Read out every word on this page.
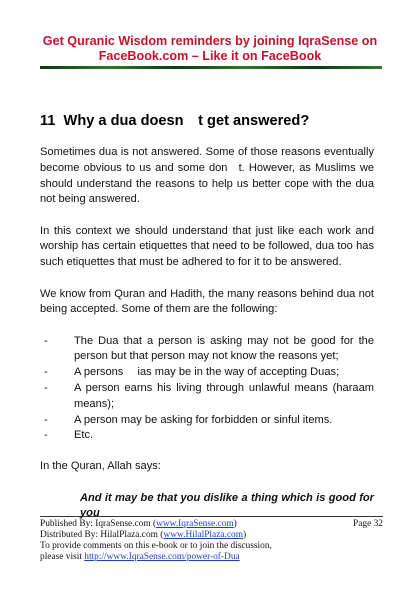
Get Quranic Wisdom reminders by joining IqraSense on
FaceBook.com – Like it on FaceBook
11 Why a dua doesn t get answered?

Sometimes dua is not answered. Some of those reasons eventually become obvious to us and some don t. However, as Muslims we should understand the reasons to help us better cope with the dua not being answered.

In this context we should understand that just like each work and worship has certain etiquettes that need to be followed, dua too has such etiquettes that must be adhered to for it to be answered.

We know from Quran and Hadith, the many reasons behind dua not being accepted. Some of them are the following:

- The Dua that a person is asking may not be good for the person but that person may not know the reasons yet;
- A persons  ias may be in the way of accepting Duas;
- A person earns his living through unlawful means (haraam means);
- A person may be asking for forbidden or sinful items.
- Etc.

In the Quran, Allah says:

And it may be that you dislike a thing which is good for you

Page 32
Published By: IqraSense.com (www.IqraSense.com)
Distributed By: HilalPlaza.com (www.HilalPlaza.com)
To provide comments on this e-book or to join the discussion,
please visit http://www.IqraSense.com/power-of-Dua
